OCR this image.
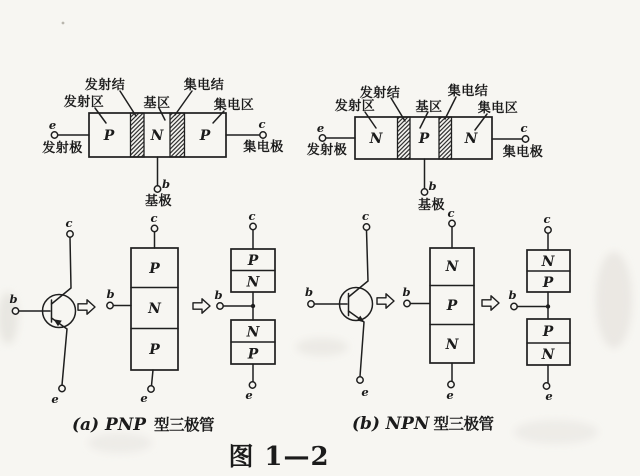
发射结	集电结
发射区	基区	集电区
P	N	P
e
发射极
c
集电极
b
基极
发射结	集电结
发射区	基区	集电区
N	P	N
e
发射极
c
集电极
b
基极
b
c
e
b
P
N
P
c
e
P
N
c
b
N
P
e
b
c
e
b
N
P
N
c
e
N
P
c
b
P
N
e
(a) PNP 型三极管	(b) NPN 型三极管
图 1—2
